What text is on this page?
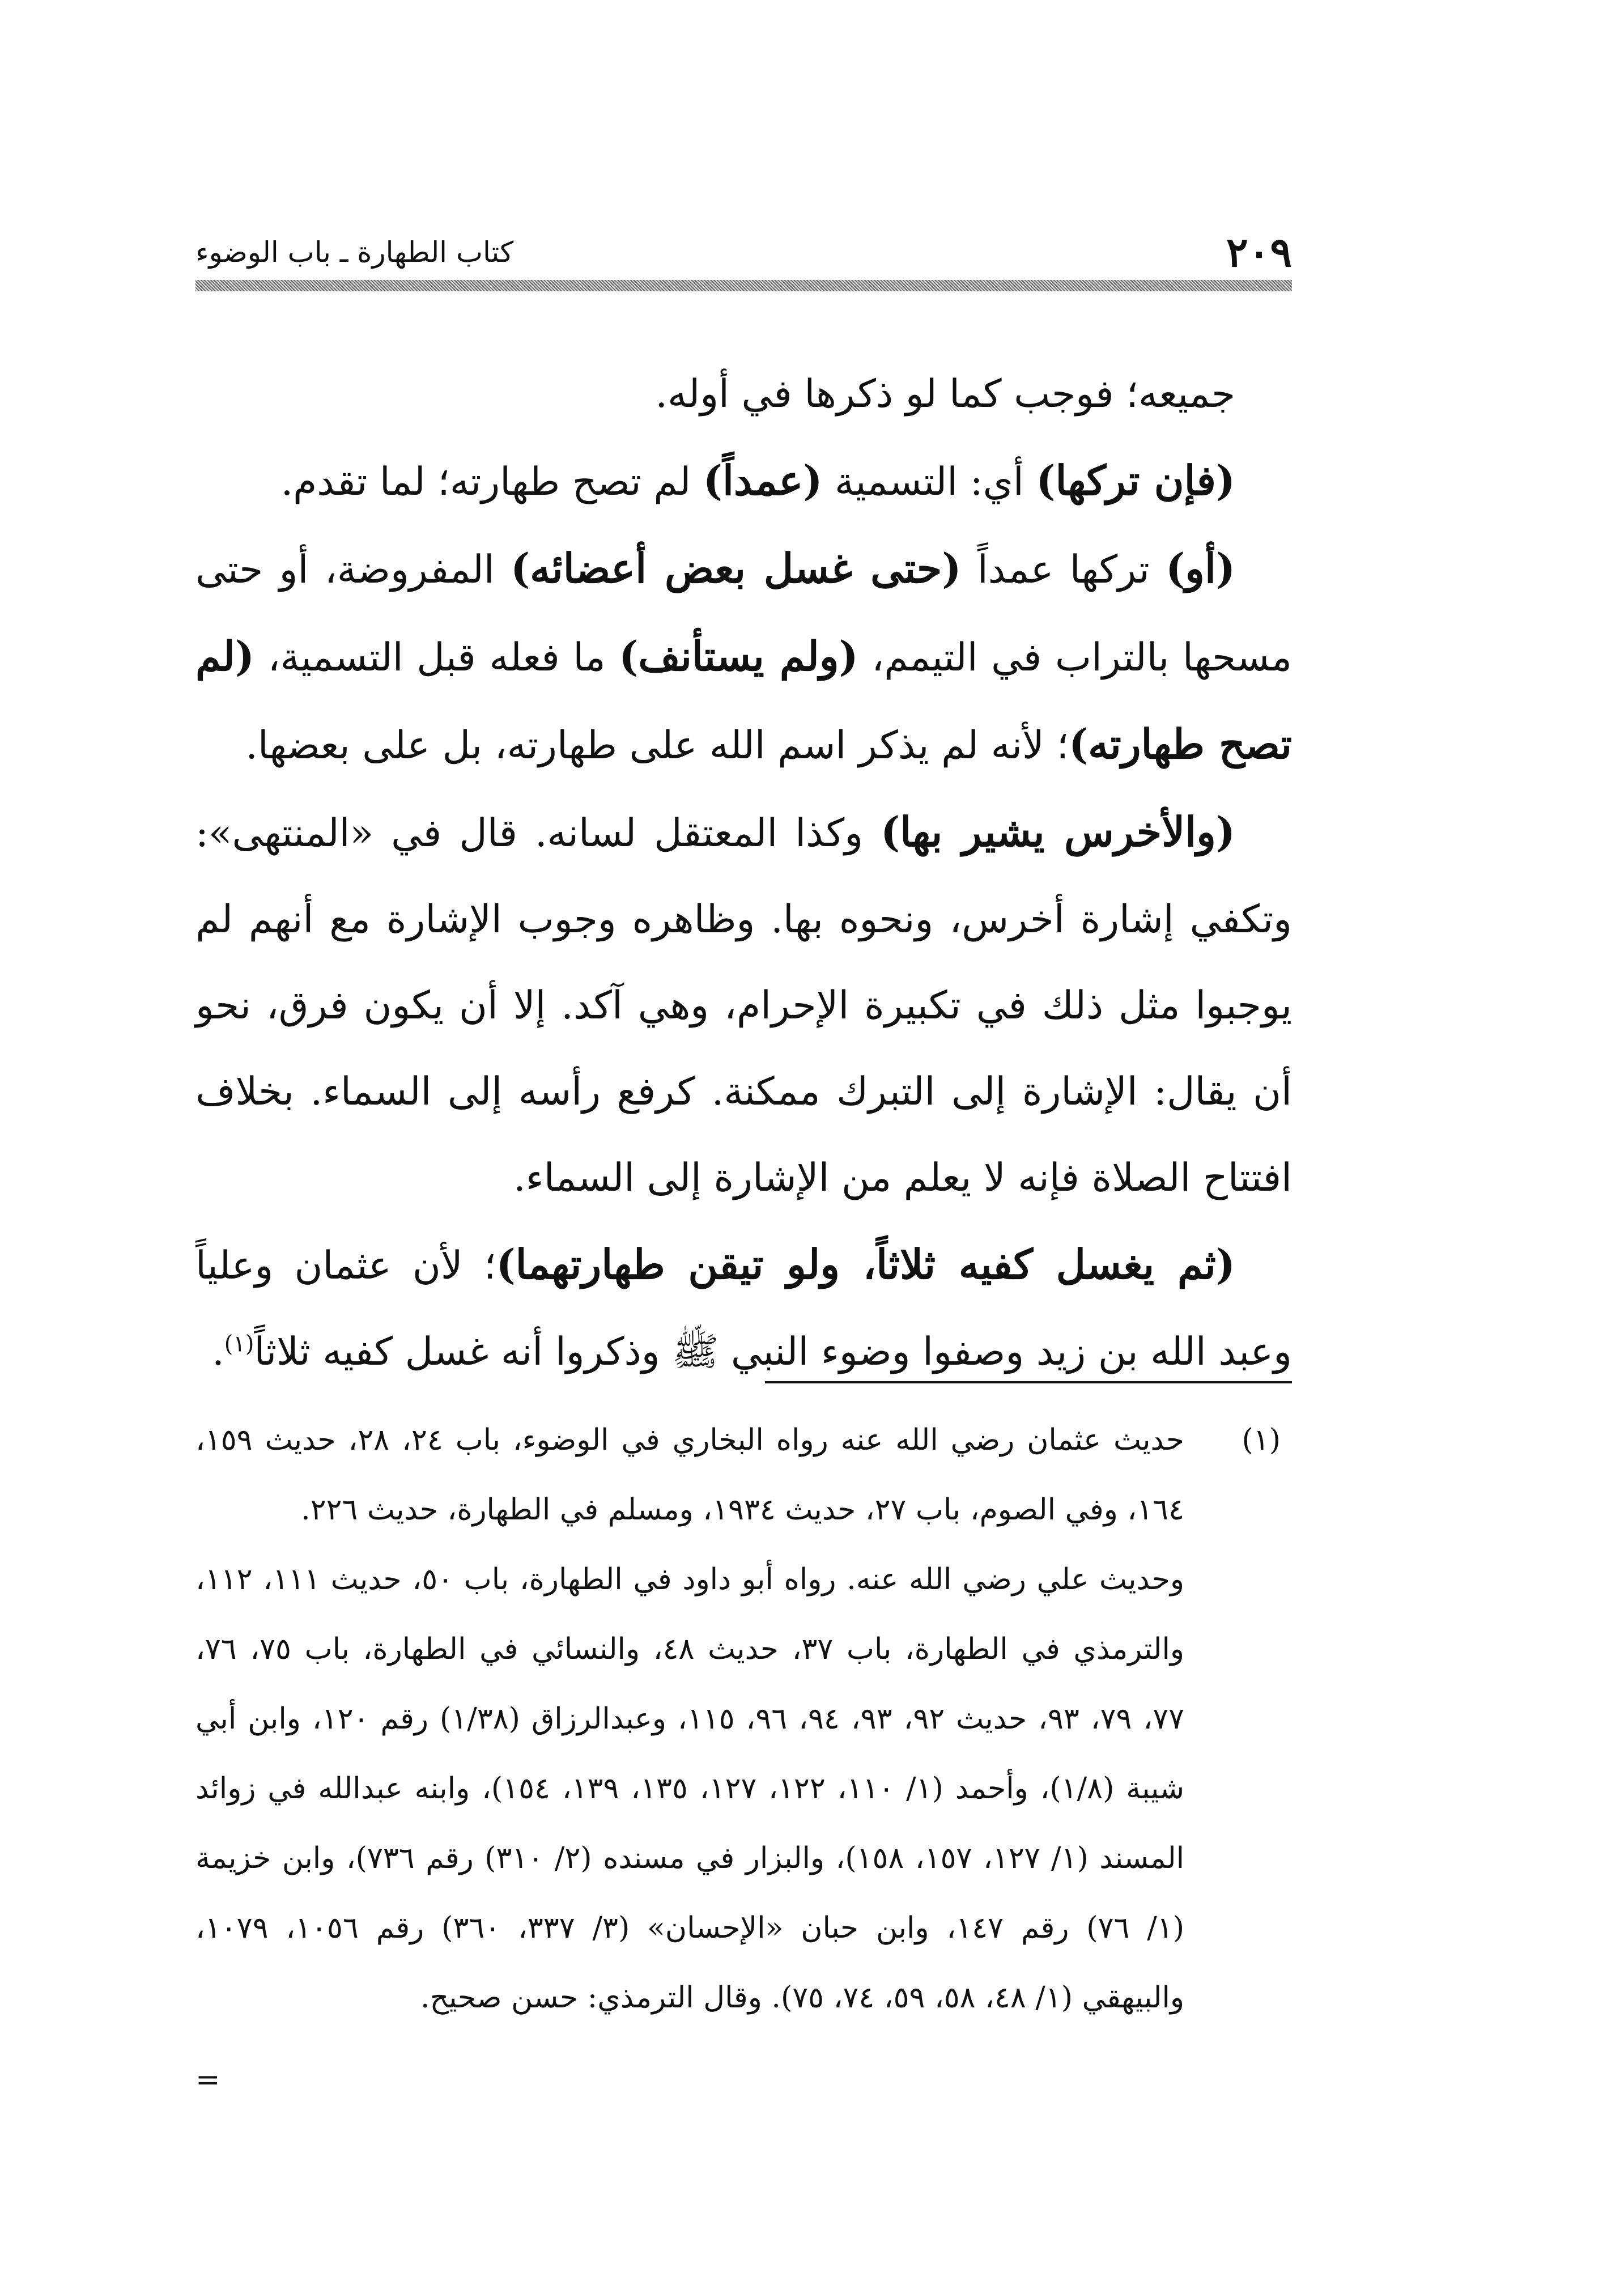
كتاب الطهارة ـ باب الوضوء	٢٠٩

جميعه؛ فوجب كما لو ذكرها في أوله.

(فإن تركها) أي: التسمية (عمداً) لم تصح طهارته؛ لما تقدم.

(أو) تركها عمداً (حتى غسل بعض أعضائه) المفروضة، أو حتى مسحها بالتراب في التيمم، (ولم يستأنف) ما فعله قبل التسمية، (لم تصح طهارته)؛ لأنه لم يذكر اسم الله على طهارته، بل على بعضها.

(والأخرس يشير بها) وكذا المعتقل لسانه. قال في «المنتهى»: وتكفي إشارة أخرس، ونحوه بها. وظاهره وجوب الإشارة مع أنهم لم يوجبوا مثل ذلك في تكبيرة الإحرام، وهي آكد. إلا أن يكون فرق، نحو أن يقال: الإشارة إلى التبرك ممكنة. كرفع رأسه إلى السماء. بخلاف افتتاح الصلاة فإنه لا يعلم من الإشارة إلى السماء.

(ثم يغسل كفيه ثلاثاً، ولو تيقن طهارتهما)؛ لأن عثمان وعلياً وعبد الله بن زيد وصفوا وضوء النبي ﷺ وذكروا أنه غسل كفيه ثلاثاً$^{(١)}$.

(١)
حديث عثمان رضي الله عنه رواه البخاري في الوضوء، باب ٢٤، ٢٨، حديث ١٥٩، ١٦٤، وفي الصوم، باب ٢٧، حديث ١٩٣٤، ومسلم في الطهارة، حديث ٢٢٦.

وحديث علي رضي الله عنه. رواه أبو داود في الطهارة، باب ٥٠، حديث ١١١، ١١٢، والترمذي في الطهارة، باب ٣٧، حديث ٤٨، والنسائي في الطهارة، باب ٧٥، ٧٦، ٧٧، ٧٩، ٩٣، حديث ٩٢، ٩٣، ٩٤، ٩٦، ١١٥، وعبدالرزاق (١/٣٨) رقم ١٢٠، وابن أبي شيبة (١/٨)، وأحمد (١/ ١١٠، ١٢٢، ١٢٧، ١٣٥، ١٣٩، ١٥٤)، وابنه عبدالله في زوائد المسند (١/ ١٢٧، ١٥٧، ١٥٨)، والبزار في مسنده (٢/ ٣١٠) رقم ٧٣٦)، وابن خزيمة (١/ ٧٦) رقم ١٤٧، وابن حبان «الإحسان» (٣/ ٣٣٧، ٣٦٠) رقم ١٠٥٦، ١٠٧٩، والبيهقي (١/ ٤٨، ٥٨، ٥٩، ٧٤، ٧٥). وقال الترمذي: حسن صحيح.

=
